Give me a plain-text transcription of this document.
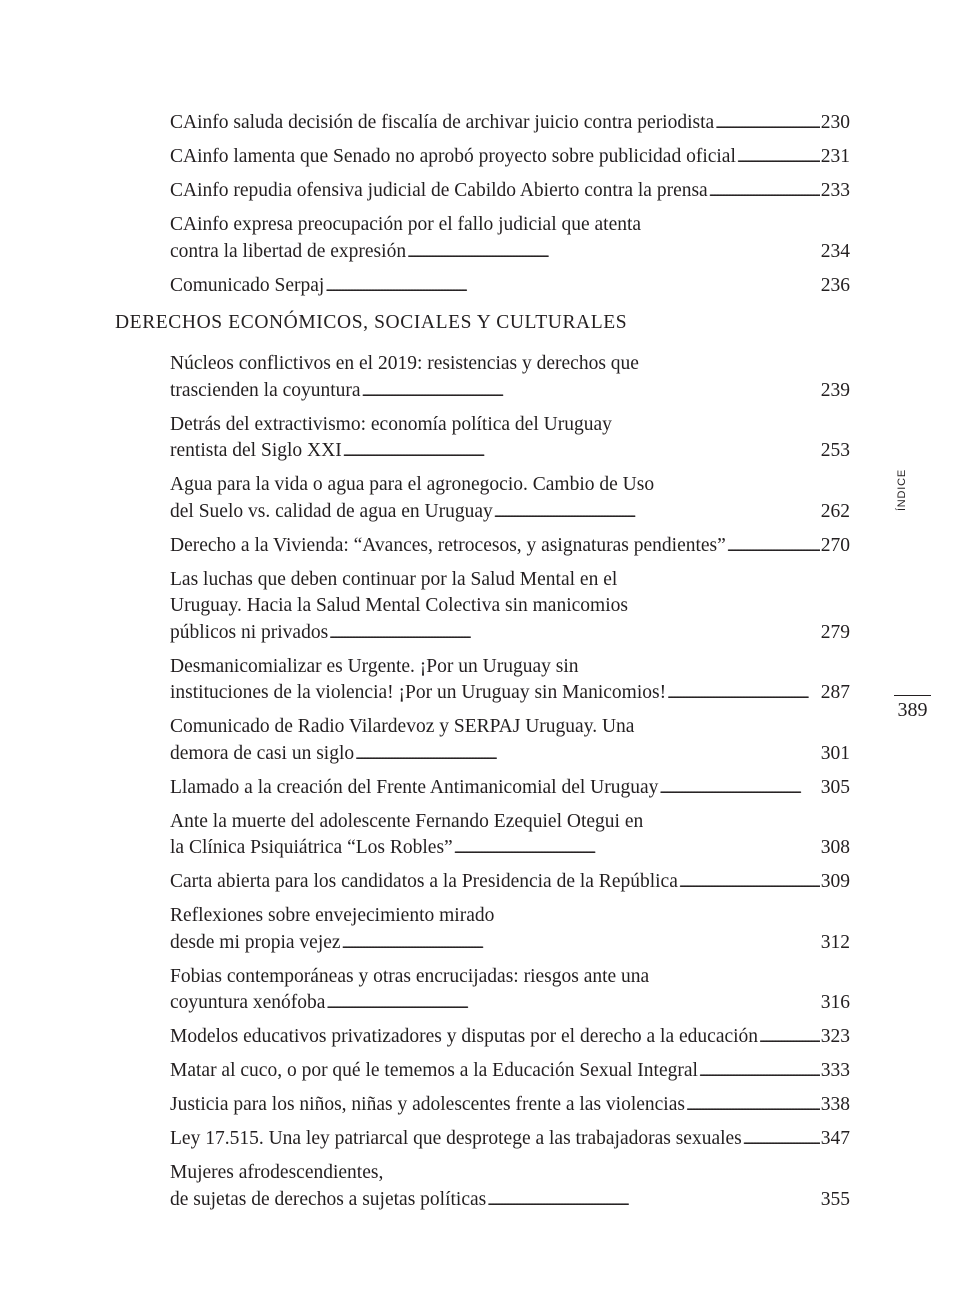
CAinfo saluda decisión de fiscalía de archivar juicio contra periodista . . .	230
CAinfo lamenta que Senado no aprobó proyecto sobre publicidad oficial . . .	231
CAinfo repudia ofensiva judicial de Cabildo Abierto contra la prensa . . .	233
CAinfo expresa preocupación por el fallo judicial que atenta
contra la libertad de expresión . . .	234
Comunicado Serpaj . . .	236
DERECHOS ECONÓMICOS, SOCIALES Y CULTURALES
Núcleos conflictivos en el 2019: resistencias y derechos que
trascienden la coyuntura . . .	239
Detrás del extractivismo: economía política del Uruguay
rentista del Siglo XXI . . .	253
Agua para la vida o agua para el agronegocio. Cambio de Uso
del Suelo vs. calidad de agua en Uruguay . . .	262
Derecho a la Vivienda: “Avances, retrocesos, y asignaturas pendientes” . . .	270
Las luchas que deben continuar por la Salud Mental en el
Uruguay. Hacia la Salud Mental Colectiva sin manicomios
públicos ni privados . . .	279
Desmanicomializar es Urgente. ¡Por un Uruguay sin
instituciones de la violencia! ¡Por un Uruguay sin Manicomios! . . .	287
Comunicado de Radio Vilardevoz y SERPAJ Uruguay. Una
demora de casi un siglo . . .	301
Llamado a la creación del Frente Antimanicomial del Uruguay . . .	305
Ante la muerte del adolescente Fernando Ezequiel Otegui en
la Clínica Psiquiátrica “Los Robles” . . .	308
Carta abierta para los candidatos a la Presidencia de la República . . .	309
Reflexiones sobre envejecimiento mirado
desde mi propia vejez . . .	312
Fobias contemporáneas y otras encrucijadas: riesgos ante una
coyuntura xenófoba . . .	316
Modelos educativos privatizadores y disputas por el derecho a la educación . . .	323
Matar al cuco, o por qué le tememos a la Educación Sexual Integral . . .	333
Justicia para los niños, niñas y adolescentes frente a las violencias . . .	338
Ley 17.515. Una ley patriarcal que desprotege a las trabajadoras sexuales . . .	347
Mujeres afrodescendientes,
de sujetas de derechos a sujetas políticas . . .	355
ÍNDICE
389
